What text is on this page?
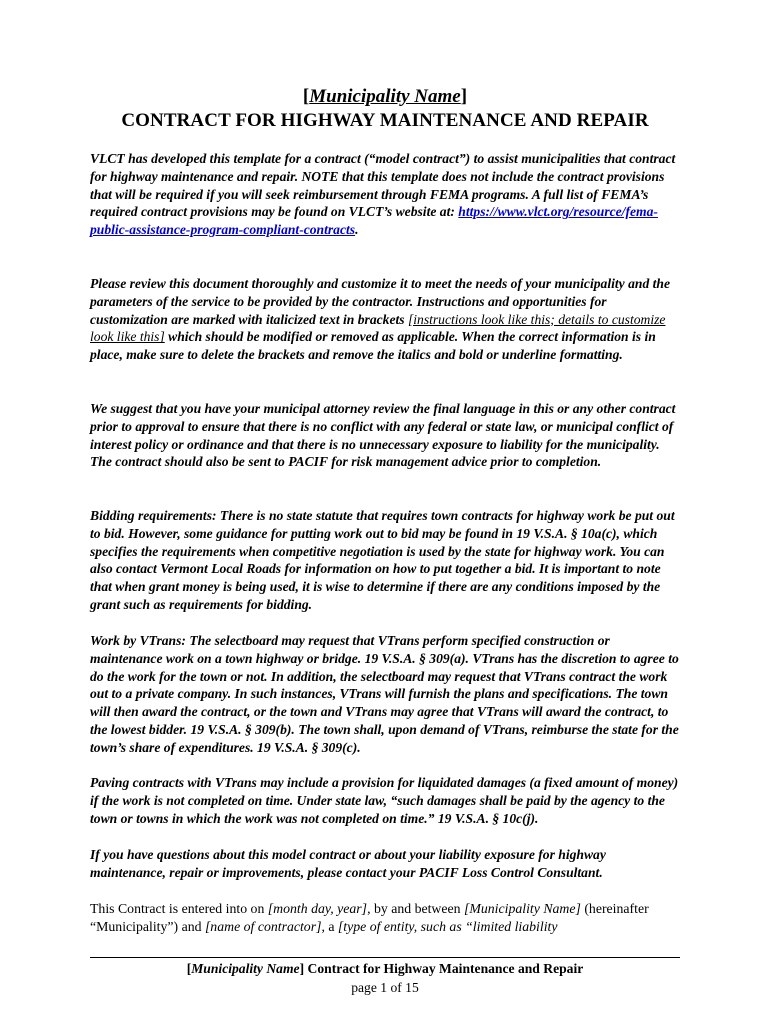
[Municipality Name]
CONTRACT FOR HIGHWAY MAINTENANCE AND REPAIR

VLCT has developed this template for a contract (“model contract”) to assist municipalities that contract for highway maintenance and repair. NOTE that this template does not include the contract provisions that will be required if you will seek reimbursement through FEMA programs. A full list of FEMA’s required contract provisions may be found on VLCT’s website at: https://www.vlct.org/resource/fema-public-assistance-program-compliant-contracts.

Please review this document thoroughly and customize it to meet the needs of your municipality and the parameters of the service to be provided by the contractor. Instructions and opportunities for customization are marked with italicized text in brackets [instructions look like this; details to customize look like this] which should be modified or removed as applicable. When the correct information is in place, make sure to delete the brackets and remove the italics and bold or underline formatting.

We suggest that you have your municipal attorney review the final language in this or any other contract prior to approval to ensure that there is no conflict with any federal or state law, or municipal conflict of interest policy or ordinance and that there is no unnecessary exposure to liability for the municipality. The contract should also be sent to PACIF for risk management advice prior to completion.

Bidding requirements: There is no state statute that requires town contracts for highway work be put out to bid. However, some guidance for putting work out to bid may be found in 19 V.S.A. § 10a(c), which specifies the requirements when competitive negotiation is used by the state for highway work. You can also contact Vermont Local Roads for information on how to put together a bid. It is important to note that when grant money is being used, it is wise to determine if there are any conditions imposed by the grant such as requirements for bidding.

Work by VTrans: The selectboard may request that VTrans perform specified construction or maintenance work on a town highway or bridge. 19 V.S.A. § 309(a). VTrans has the discretion to agree to do the work for the town or not. In addition, the selectboard may request that VTrans contract the work out to a private company. In such instances, VTrans will furnish the plans and specifications. The town will then award the contract, or the town and VTrans may agree that VTrans will award the contract, to the lowest bidder. 19 V.S.A. § 309(b). The town shall, upon demand of VTrans, reimburse the state for the town’s share of expenditures. 19 V.S.A. § 309(c).

Paving contracts with VTrans may include a provision for liquidated damages (a fixed amount of money) if the work is not completed on time. Under state law, “such damages shall be paid by the agency to the town or towns in which the work was not completed on time.” 19 V.S.A. § 10c(j).

If you have questions about this model contract or about your liability exposure for highway maintenance, repair or improvements, please contact your PACIF Loss Control Consultant.

This Contract is entered into on [month day, year], by and between [Municipality Name] (hereinafter “Municipality”) and [name of contractor], a [type of entity, such as “limited liability

[Municipality Name] Contract for Highway Maintenance and Repair
page 1 of 15
